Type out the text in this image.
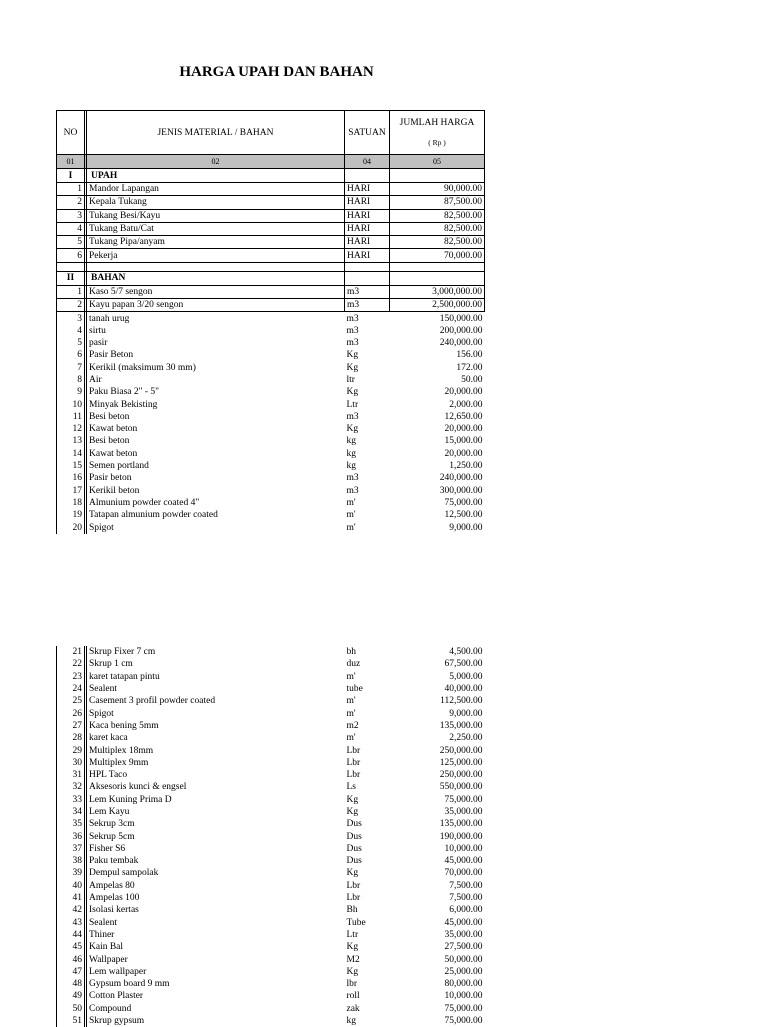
HARGA UPAH DAN BAHAN
NO		JENIS MATERIAL / BAHAN	SATUAN	JUMLAH HARGA
( Rp )

01		02	04	05
I		UPAH		
1		Mandor Lapangan	HARI	90,000.00
2		Kepala Tukang	HARI	87,500.00
3		Tukang Besi/Kayu	HARI	82,500.00
4		Tukang Batu/Cat	HARI	82,500.00
5		Tukang Pipa/anyam	HARI	82,500.00
6		Pekerja	HARI	70,000.00

II		BAHAN		
1		Kaso 5/7 sengon	m3	3,000,000.00
2		Kayu papan 3/20 sengon	m3	2,500,000.00
3		tanah urug	m3	150,000.00
4		sirtu	m3	200,000.00
5		pasir	m3	240,000.00
6		Pasir Beton	Kg	156.00
7		Kerikil (maksimum 30 mm)	Kg	172.00
8		Air	ltr	50.00
9		Paku Biasa 2" - 5"	Kg	20,000.00
10		Minyak Bekisting	Ltr	2,000.00
11		Besi beton	m3	12,650.00
12		Kawat beton	Kg	20,000.00
13		Besi beton	kg	15,000.00
14		Kawat beton	kg	20,000.00
15		Semen portland	kg	1,250.00
16		Pasir beton	m3	240,000.00
17		Kerikil beton	m3	300,000.00
18		Almunium powder coated 4"	m'	75,000.00
19		Tatapan almunium powder coated	m'	12,500.00
20		Spigot	m'	9,000.00
21		Skrup Fixer 7 cm	bh	4,500.00
22		Skrup 1 cm	duz	67,500.00
23		karet tatapan pintu	m'	5,000.00
24		Sealent	tube	40,000.00
25		Casement 3 profil powder coated	m'	112,500.00
26		Spigot	m'	9,000.00
27		Kaca bening 5mm	m2	135,000.00
28		karet kaca	m'	2,250.00
29		Multiplex 18mm	Lbr	250,000.00
30		Multiplex 9mm	Lbr	125,000.00
31		HPL Taco	Lbr	250,000.00
32		Aksesoris kunci & engsel	Ls	550,000.00
33		Lem Kuning Prima D	Kg	75,000.00
34		Lem Kayu	Kg	35,000.00
35		Sekrup 3cm	Dus	135,000.00
36		Sekrup 5cm	Dus	190,000.00
37		Fisher S6	Dus	10,000.00
38		Paku tembak	Dus	45,000.00
39		Dempul sampolak	Kg	70,000.00
40		Ampelas 80	Lbr	7,500.00
41		Ampelas 100	Lbr	7,500.00
42		Isolasi kertas	Bh	6,000.00
43		Sealent	Tube	45,000.00
44		Thiner	Ltr	35,000.00
45		Kain Bal	Kg	27,500.00
46		Wallpaper	M2	50,000.00
47		Lem wallpaper	Kg	25,000.00
48		Gypsum board 9 mm	lbr	80,000.00
49		Cotton Plaster	roll	10,000.00
50		Compound	zak	75,000.00
51		Skrup gypsum	kg	75,000.00
